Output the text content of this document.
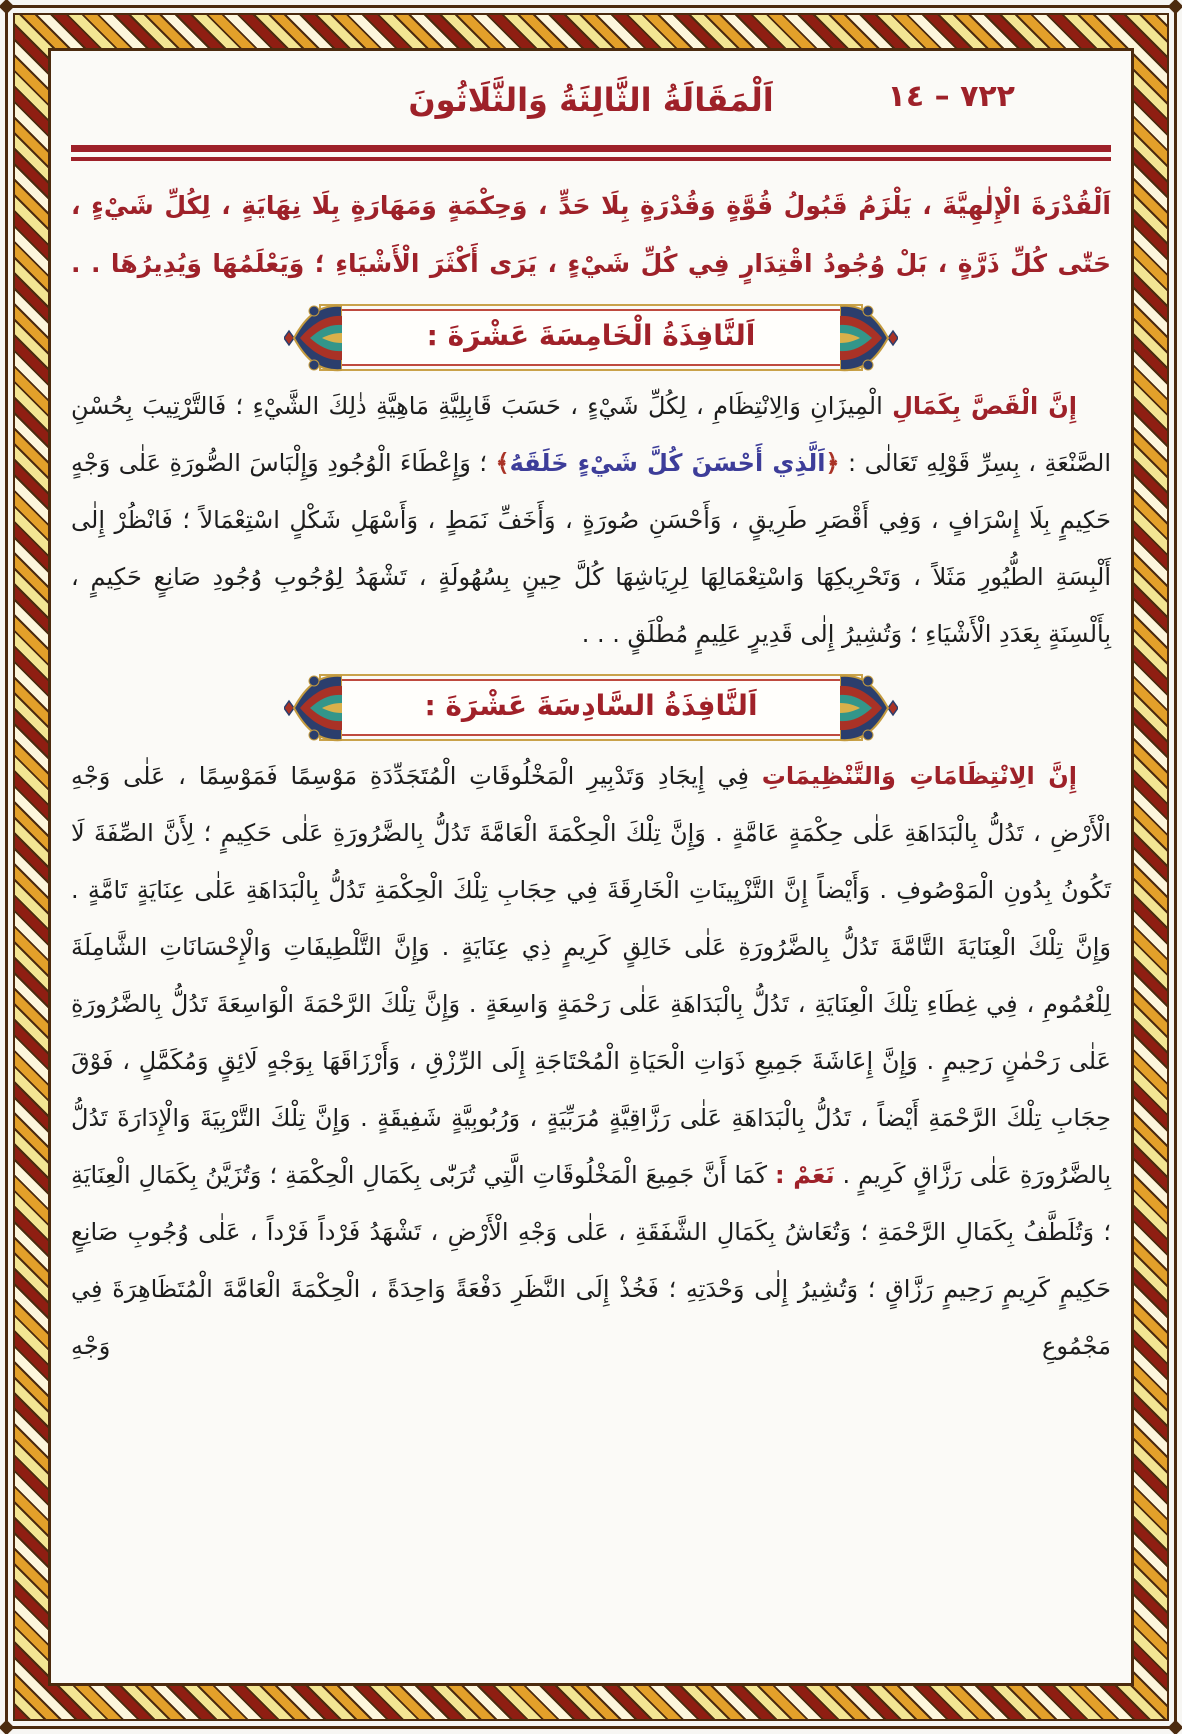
٧٢٢ – ١٤
اَلْمَقَالَةُ الثَّالِثَةُ وَالثَّلَاثُونَ

اَلْقُدْرَةَ الْإِلٰهِيَّةَ ، يَلْزَمُ قَبُولُ قُوَّةٍ وَقُدْرَةٍ بِلَا حَدٍّ ، وَحِكْمَةٍ وَمَهَارَةٍ بِلَا نِهَايَةٍ ، لِكُلِّ شَيْءٍ ، حَتّٰى كُلِّ ذَرَّةٍ ، بَلْ وُجُودُ اقْتِدَارٍ فِي كُلِّ شَيْءٍ ، يَرَى أَكْثَرَ الْأَشْيَاءِ ؛ وَيَعْلَمُهَا وَيُدِيرُهَا . .

اَلنَّافِذَةُ الْخَامِسَةَ عَشْرَةَ :

إِنَّ الْقَصَّ بِكَمَالِ الْمِيزَانِ وَالِانْتِظَامِ ، لِكُلِّ شَيْءٍ ، حَسَبَ قَابِلِيَّةِ مَاهِيَّةِ ذٰلِكَ الشَّيْءِ ؛ فَالتَّرْتِيبَ بِحُسْنِ الصَّنْعَةِ ، بِسِرِّ قَوْلِهِ تَعَالٰى : ﴿اَلَّذِي أَحْسَنَ كُلَّ شَيْءٍ خَلَقَهُ﴾ ؛ وَإِعْطَاءَ الْوُجُودِ وَإِلْبَاسَ الصُّورَةِ عَلٰى وَجْهٍ حَكِيمٍ بِلَا إِسْرَافٍ ، وَفِي أَقْصَرِ طَرِيقٍ ، وَأَحْسَنِ صُورَةٍ ، وَأَخَفِّ نَمَطٍ ، وَأَسْهَلِ شَكْلٍ اسْتِعْمَالاً ؛ فَانْظُرْ إِلٰى أَلْبِسَةِ الطُّيُورِ مَثَلاً ، وَتَحْرِيكِهَا وَاسْتِعْمَالِهَا لِرِيَاشِهَا كُلَّ حِينٍ بِسُهُولَةٍ ، تَشْهَدُ لِوُجُوبِ وُجُودِ صَانِعٍ حَكِيمٍ ، بِأَلْسِنَةٍ بِعَدَدِ الْأَشْيَاءِ ؛ وَتُشِيرُ إِلٰى قَدِيرٍ عَلِيمٍ مُطْلَقٍ . . .

اَلنَّافِذَةُ السَّادِسَةَ عَشْرَةَ :

إِنَّ الِانْتِظَامَاتِ وَالتَّنْظِيمَاتِ فِي إِيجَادِ وَتَدْبِيرِ الْمَخْلُوقَاتِ الْمُتَجَدِّدَةِ مَوْسِمًا فَمَوْسِمًا ، عَلٰى وَجْهِ الْأَرْضِ ، تَدُلُّ بِالْبَدَاهَةِ عَلٰى حِكْمَةٍ عَامَّةٍ . وَإِنَّ تِلْكَ الْحِكْمَةَ الْعَامَّةَ تَدُلُّ بِالضَّرُورَةِ عَلٰى حَكِيمٍ ؛ لِأَنَّ الصِّفَةَ لَا تَكُونُ بِدُونِ الْمَوْصُوفِ . وَأَيْضاً إِنَّ التَّزْيِينَاتِ الْخَارِقَةَ فِي حِجَابِ تِلْكَ الْحِكْمَةِ تَدُلُّ بِالْبَدَاهَةِ عَلٰى عِنَايَةٍ تَامَّةٍ . وَإِنَّ تِلْكَ الْعِنَايَةَ التَّامَّةَ تَدُلُّ بِالضَّرُورَةِ عَلٰى خَالِقٍ كَرِيمٍ ذِي عِنَايَةٍ . وَإِنَّ التَّلْطِيفَاتِ وَالْإِحْسَانَاتِ الشَّامِلَةَ لِلْعُمُومِ ، فِي غِطَاءِ تِلْكَ الْعِنَايَةِ ، تَدُلُّ بِالْبَدَاهَةِ عَلٰى رَحْمَةٍ وَاسِعَةٍ . وَإِنَّ تِلْكَ الرَّحْمَةَ الْوَاسِعَةَ تَدُلُّ بِالضَّرُورَةِ عَلٰى رَحْمٰنٍ رَحِيمٍ . وَإِنَّ إِعَاشَةَ جَمِيعِ ذَوَاتِ الْحَيَاةِ الْمُحْتَاجَةِ إِلَى الرِّزْقِ ، وَأَرْزَاقَهَا بِوَجْهٍ لَائِقٍ وَمُكَمَّلٍ ، فَوْقَ حِجَابِ تِلْكَ الرَّحْمَةِ أَيْضاً ، تَدُلُّ بِالْبَدَاهَةِ عَلٰى رَزَّاقِيَّةٍ مُرَبِّيَةٍ ، وَرُبُوبِيَّةٍ شَفِيقَةٍ . وَإِنَّ تِلْكَ التَّرْبِيَةَ وَالْإِدَارَةَ تَدُلُّ بِالضَّرُورَةِ عَلٰى رَزَّاقٍ كَرِيمٍ . نَعَمْ : كَمَا أَنَّ جَمِيعَ الْمَخْلُوقَاتِ الَّتِي تُرَبّٰى بِكَمَالِ الْحِكْمَةِ ؛ وَتُزَيَّنُ بِكَمَالِ الْعِنَايَةِ ؛ وَتُلَطَّفُ بِكَمَالِ الرَّحْمَةِ ؛ وَتُعَاشُ بِكَمَالِ الشَّفَقَةِ ، عَلٰى وَجْهِ الْأَرْضِ ، تَشْهَدُ فَرْداً فَرْداً ، عَلٰى وُجُوبِ صَانِعٍ حَكِيمٍ كَرِيمٍ رَحِيمٍ رَزَّاقٍ ؛ وَتُشِيرُ إِلٰى وَحْدَتِهِ ؛ فَخُذْ إِلَى النَّظَرِ دَفْعَةً وَاحِدَةً ، الْحِكْمَةَ الْعَامَّةَ الْمُتَظَاهِرَةَ فِي مَجْمُوعِ وَجْهِ
